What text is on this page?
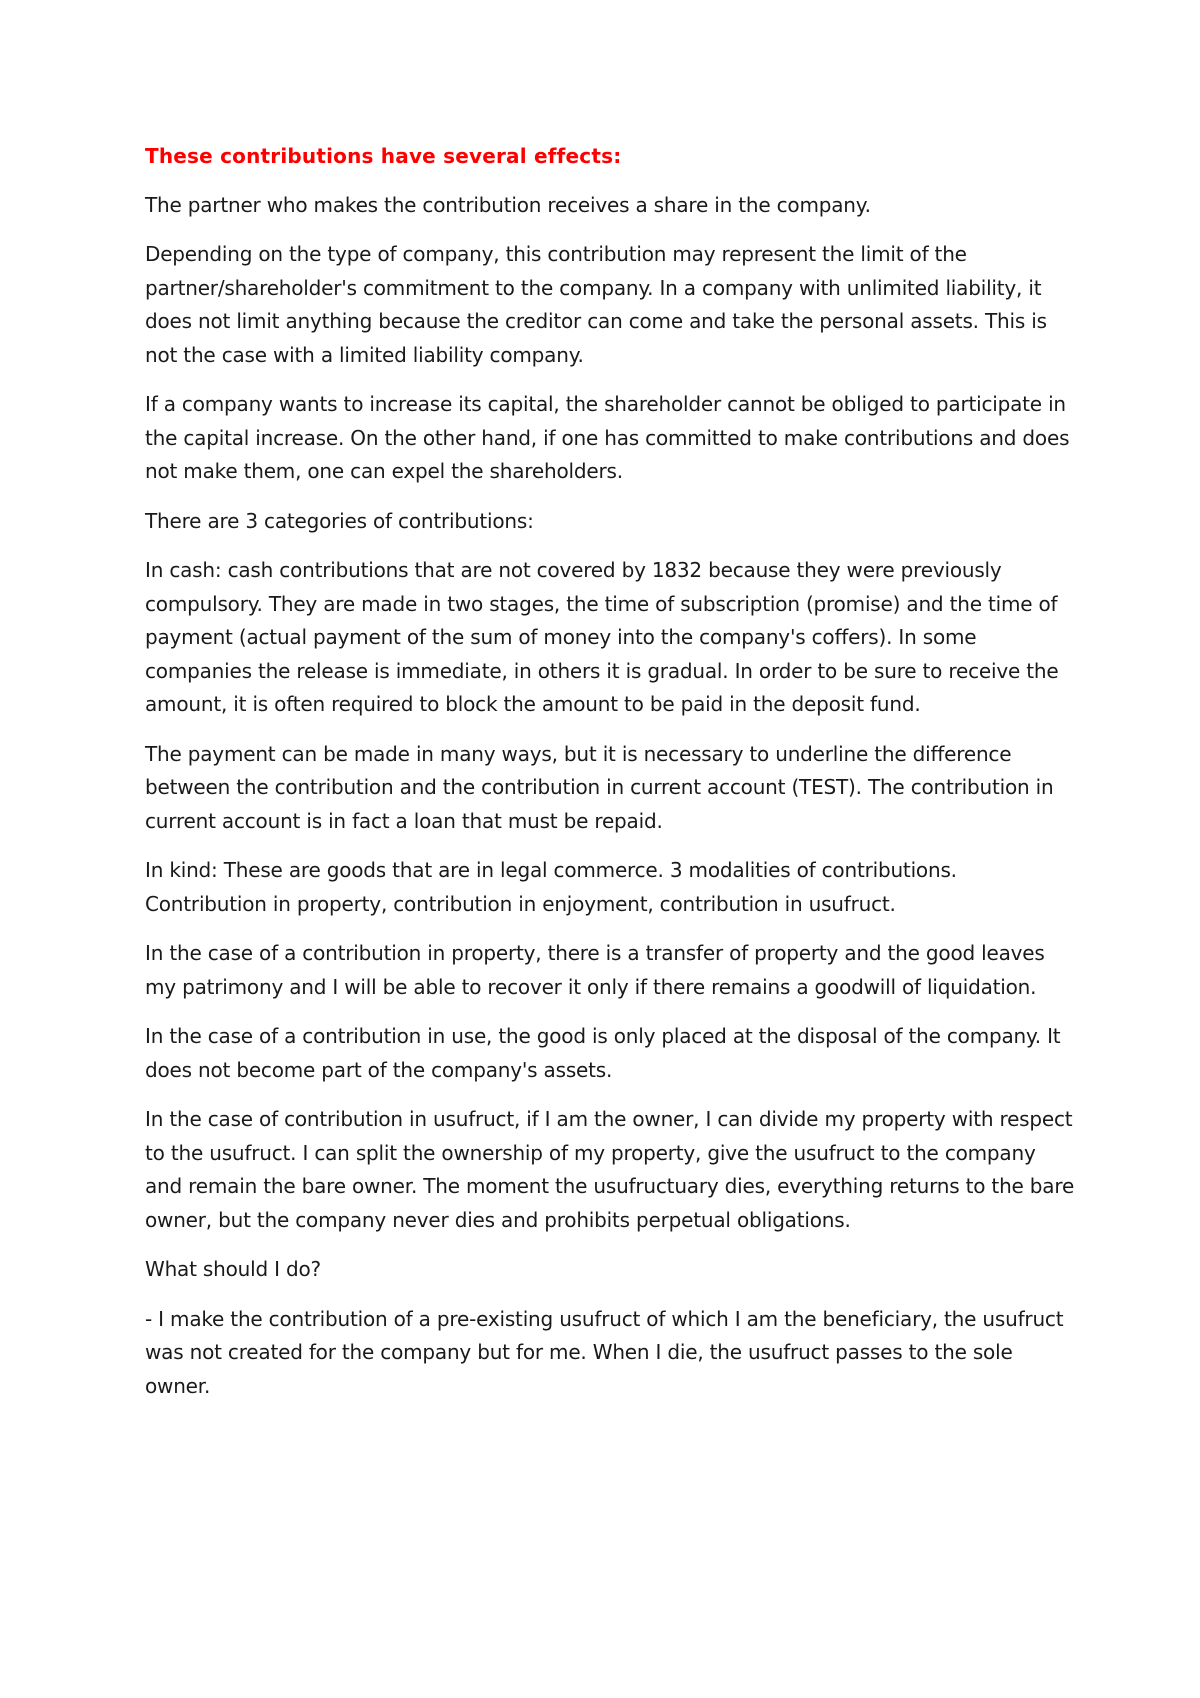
These contributions have several effects:

The partner who makes the contribution receives a share in the company.

Depending on the type of company, this contribution may represent the limit of the partner/shareholder's commitment to the company. In a company with unlimited liability, it does not limit anything because the creditor can come and take the personal assets. This is not the case with a limited liability company.

If a company wants to increase its capital, the shareholder cannot be obliged to participate in the capital increase. On the other hand, if one has committed to make contributions and does not make them, one can expel the shareholders.

There are 3 categories of contributions:

In cash: cash contributions that are not covered by 1832 because they were previously compulsory. They are made in two stages, the time of subscription (promise) and the time of payment (actual payment of the sum of money into the company's coffers). In some companies the release is immediate, in others it is gradual. In order to be sure to receive the amount, it is often required to block the amount to be paid in the deposit fund.

The payment can be made in many ways, but it is necessary to underline the difference between the contribution and the contribution in current account (TEST). The contribution in current account is in fact a loan that must be repaid.

In kind: These are goods that are in legal commerce. 3 modalities of contributions. Contribution in property, contribution in enjoyment, contribution in usufruct.

In the case of a contribution in property, there is a transfer of property and the good leaves my patrimony and I will be able to recover it only if there remains a goodwill of liquidation.

In the case of a contribution in use, the good is only placed at the disposal of the company. It does not become part of the company's assets.

In the case of contribution in usufruct, if I am the owner, I can divide my property with respect to the usufruct. I can split the ownership of my property, give the usufruct to the company and remain the bare owner. The moment the usufructuary dies, everything returns to the bare owner, but the company never dies and prohibits perpetual obligations.

What should I do?

- I make the contribution of a pre-existing usufruct of which I am the beneficiary, the usufruct was not created for the company but for me. When I die, the usufruct passes to the sole owner.
